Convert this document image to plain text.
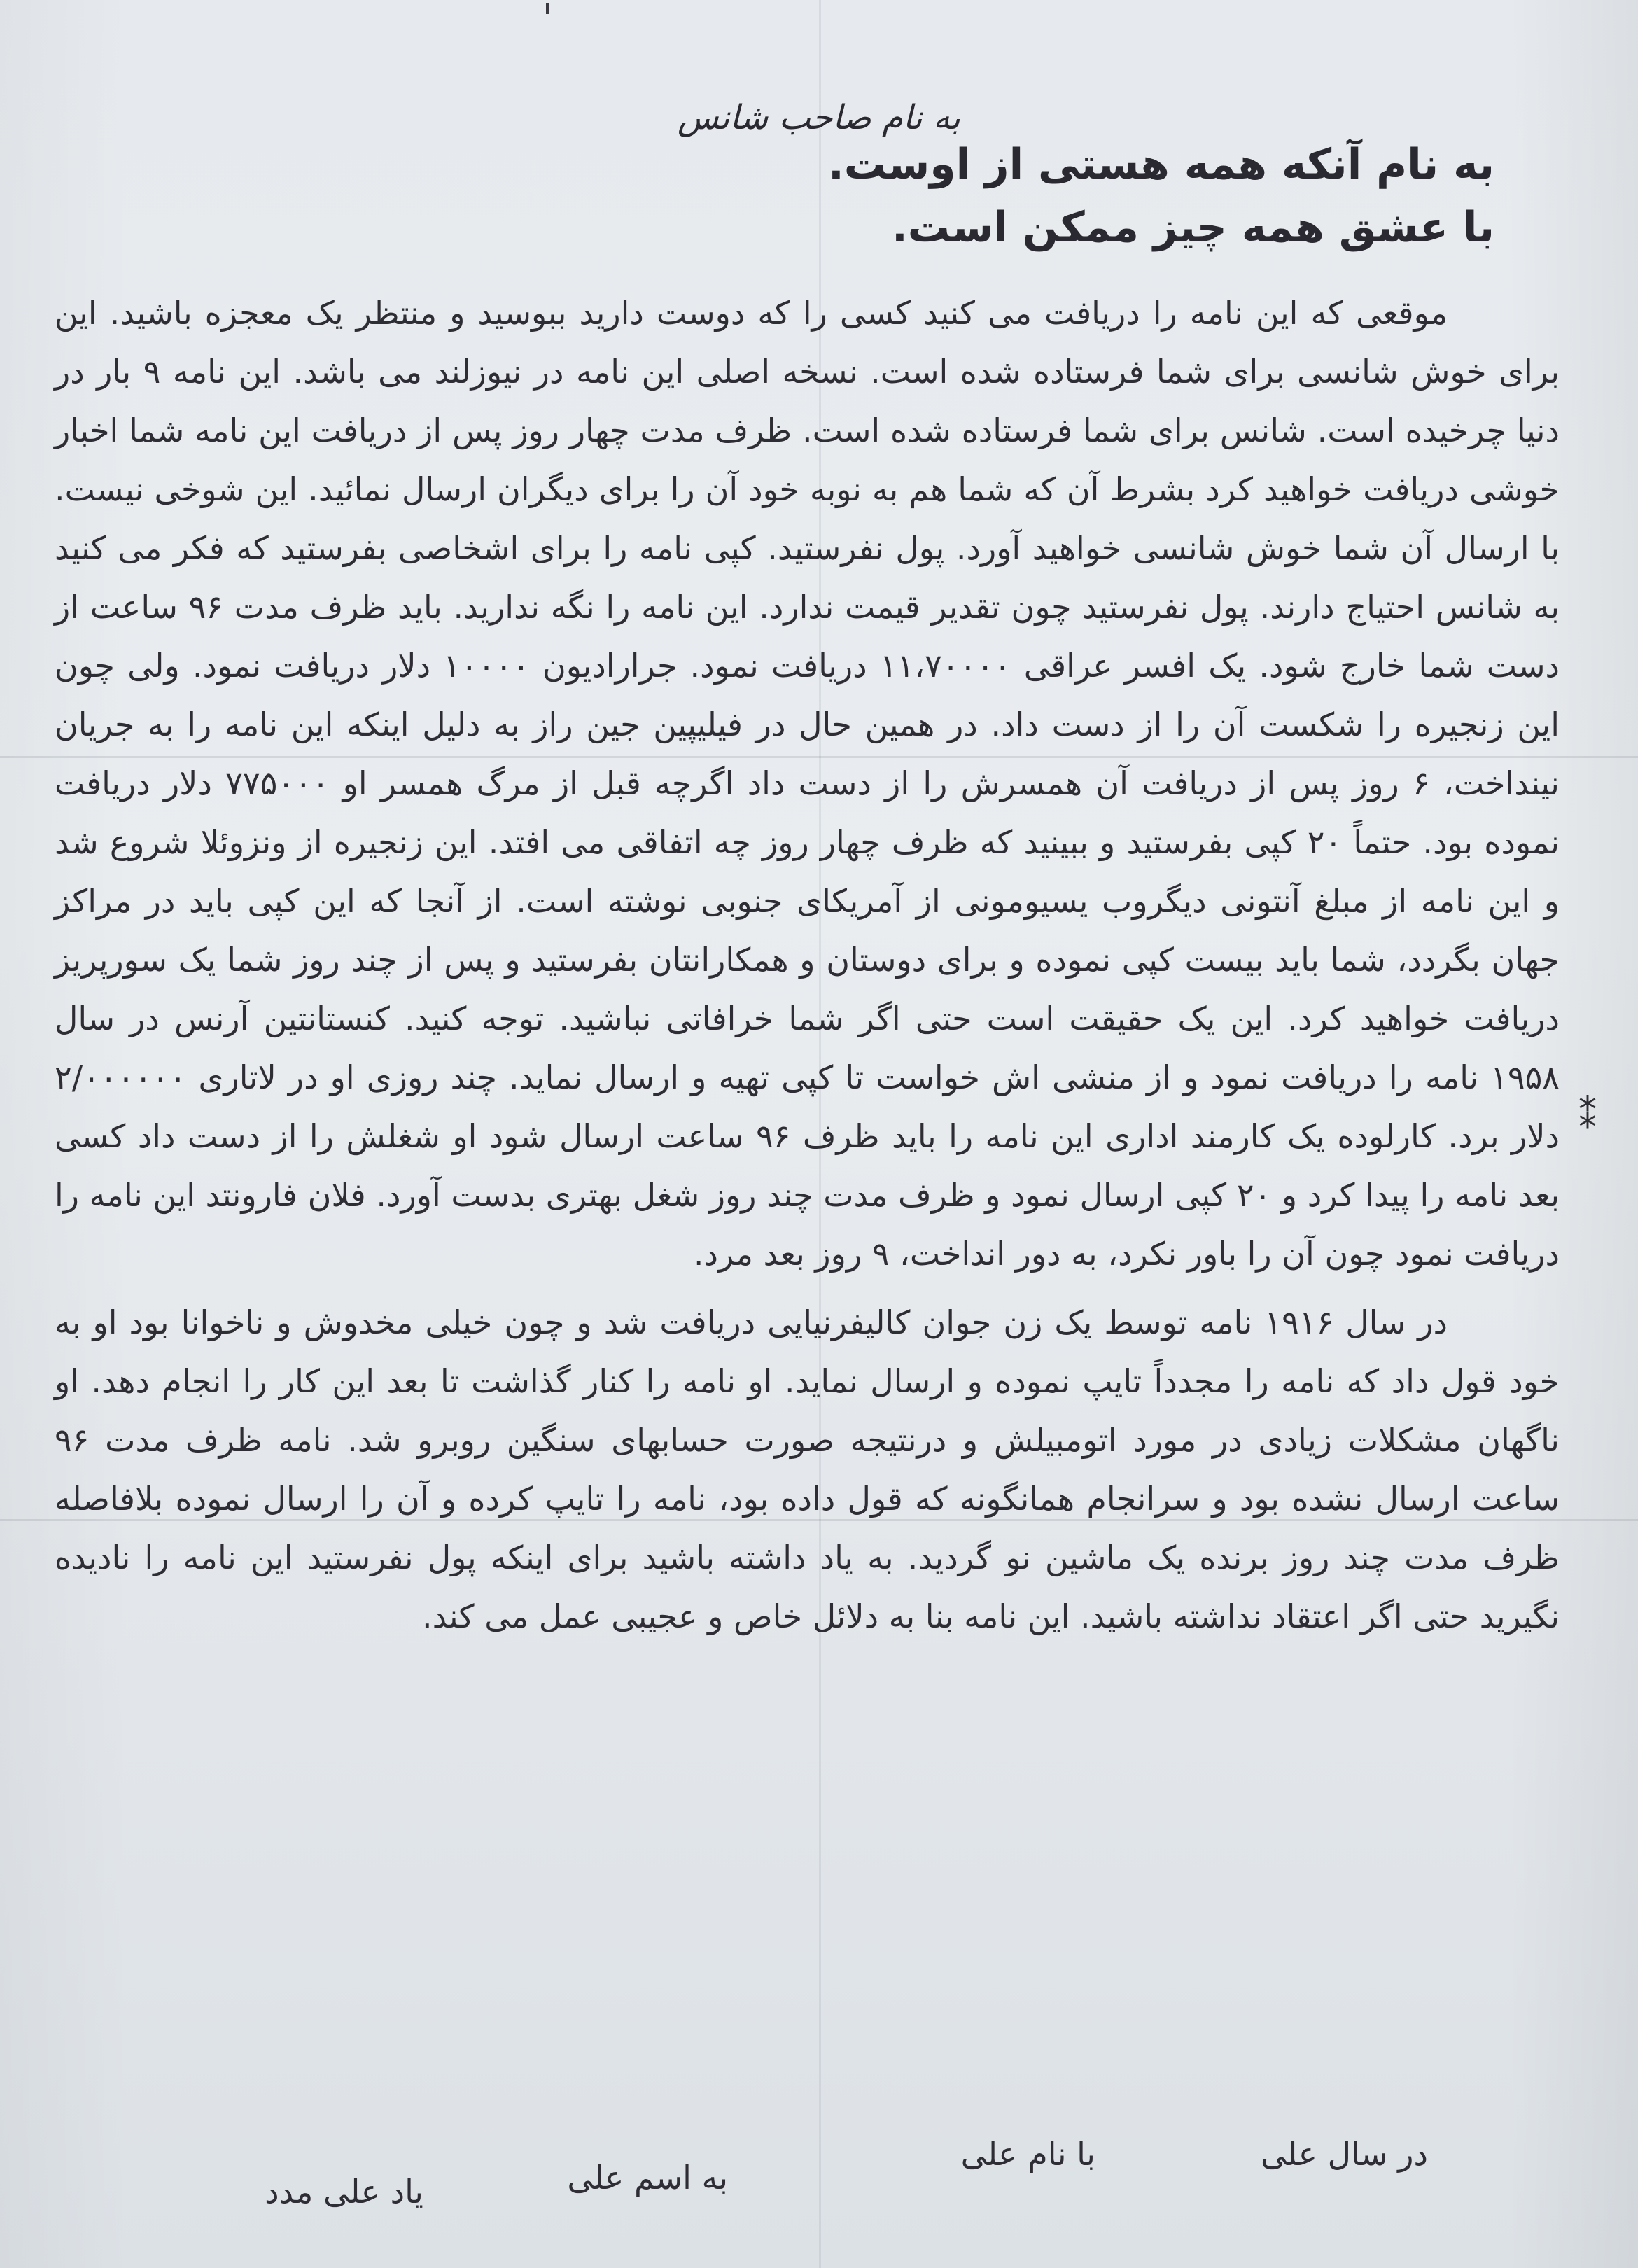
به نام صاحب شانس
به نام آنکه همه هستی از اوست.
با عشق همه چیز ممکن است.

موقعی که این نامه را دریافت می کنید کسی را که دوست دارید ببوسید و منتظر یک معجزه باشید. این برای خوش شانسی برای شما فرستاده شده است. نسخه اصلی این نامه در نیوزلند می باشد. این نامه ۹ بار در دنیا چرخیده است. شانس برای شما فرستاده شده است. ظرف مدت چهار روز پس از دریافت این نامه شما اخبار خوشی دریافت خواهید کرد بشرط آن که شما هم به نوبه خود آن را برای دیگران ارسال نمائید. این شوخی نیست. با ارسال آن شما خوش شانسی خواهید آورد. پول نفرستید. کپی نامه را برای اشخاصی بفرستید که فکر می کنید به شانس احتیاج دارند. پول نفرستید چون تقدیر قیمت ندارد. این نامه را نگه ندارید. باید ظرف مدت ۹۶ ساعت از دست شما خارج شود. یک افسر عراقی ۱۱،۷۰۰۰۰ دریافت نمود. جرارادیون ۱۰۰۰۰ دلار دریافت نمود. ولی چون این زنجیره را شکست آن را از دست داد. در همین حال در فیلیپین جین راز به دلیل اینکه این نامه را به جریان نینداخت، ۶ روز پس از دریافت آن همسرش را از دست داد اگرچه قبل از مرگ همسر او ۷۷۵۰۰۰ دلار دریافت نموده بود. حتماً ۲۰ کپی بفرستید و ببینید که ظرف چهار روز چه اتفاقی می افتد. این زنجیره از ونزوئلا شروع شد و این نامه از مبلغ آنتونی دیگروب یسیومونی از آمریکای جنوبی نوشته است. از آنجا که این کپی باید در مراکز جهان بگردد، شما باید بیست کپی نموده و برای دوستان و همکارانتان بفرستید و پس از چند روز شما یک سورپریز دریافت خواهید کرد. این یک حقیقت است حتی اگر شما خرافاتی نباشید. توجه کنید. کنستانتین آرنس در سال ۱۹۵۸ نامه را دریافت نمود و از منشی اش خواست تا کپی تهیه و ارسال نماید. چند روزی او در لاتاری ۲/۰۰۰۰۰۰ دلار برد. کارلوده یک کارمند اداری این نامه را باید ظرف ۹۶ ساعت ارسال شود او شغلش را از دست داد کسی بعد نامه را پیدا کرد و ۲۰ کپی ارسال نمود و ظرف مدت چند روز شغل بهتری بدست آورد. فلان فارونتد این نامه را دریافت نمود چون آن را باور نکرد، به دور انداخت، ۹ روز بعد مرد.

در سال ۱۹۱۶ نامه توسط یک زن جوان کالیفرنیایی دریافت شد و چون خیلی مخدوش و ناخوانا بود او به خود قول داد که نامه را مجدداً تایپ نموده و ارسال نماید. او نامه را کنار گذاشت تا بعد این کار را انجام دهد. او ناگهان مشکلات زیادی در مورد اتومبیلش و درنتیجه صورت حسابهای سنگین روبرو شد. نامه ظرف مدت ۹۶ ساعت ارسال نشده بود و سرانجام همانگونه که قول داده بود، نامه را تایپ کرده و آن را ارسال نموده بلافاصله ظرف مدت چند روز برنده یک ماشین نو گردید. به یاد داشته باشید برای اینکه پول نفرستید این نامه را نادیده نگیرید حتی اگر اعتقاد نداشته باشید. این نامه بنا به دلائل خاص و عجیبی عمل می کند.

⁑
در سال علی
با نام علی
به اسم علی
یاد علی مدد
